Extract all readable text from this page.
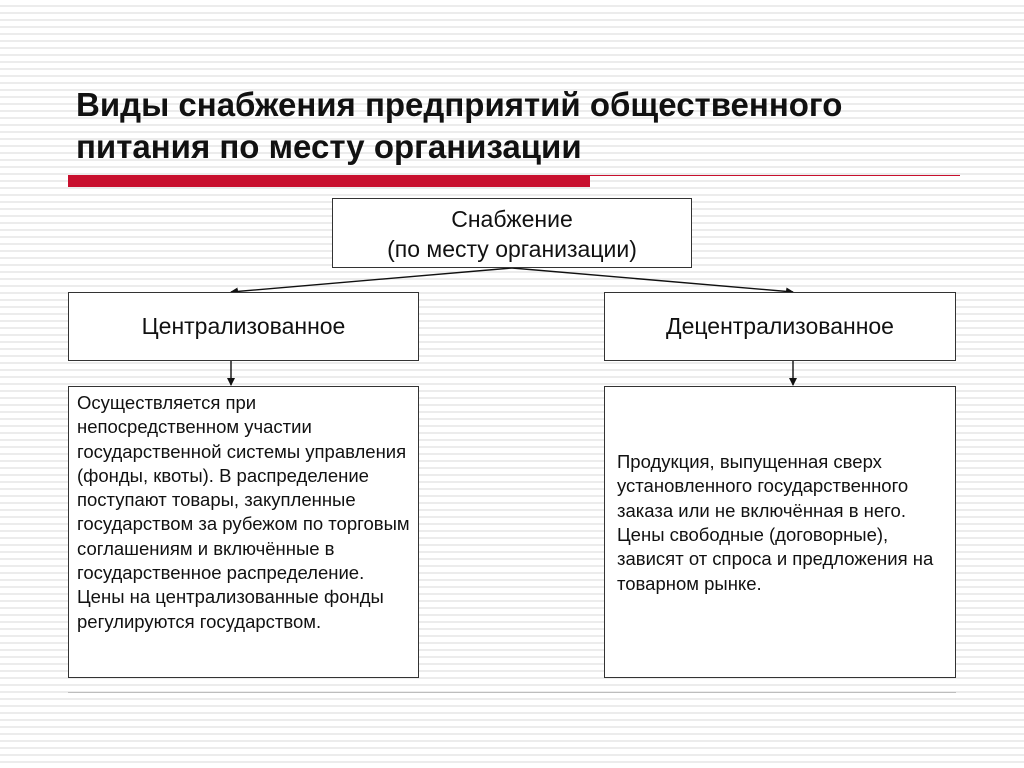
Виды снабжения предприятий общественного
питания по месту организации
Снабжение
(по месту организации)
Централизованное	Децентрализованное

Осуществляется при непосредственном участии государственной системы управления (фонды, квоты). В распределение поступают товары, закупленные государством за рубежом по торговым соглашениям и включённые в государственное распределение. Цены на централизованные фонды регулируются государством.

Продукция, выпущенная сверх установленного государственного заказа или не включённая в него. Цены свободные (договорные), зависят от спроса и предложения на товарном рынке.
